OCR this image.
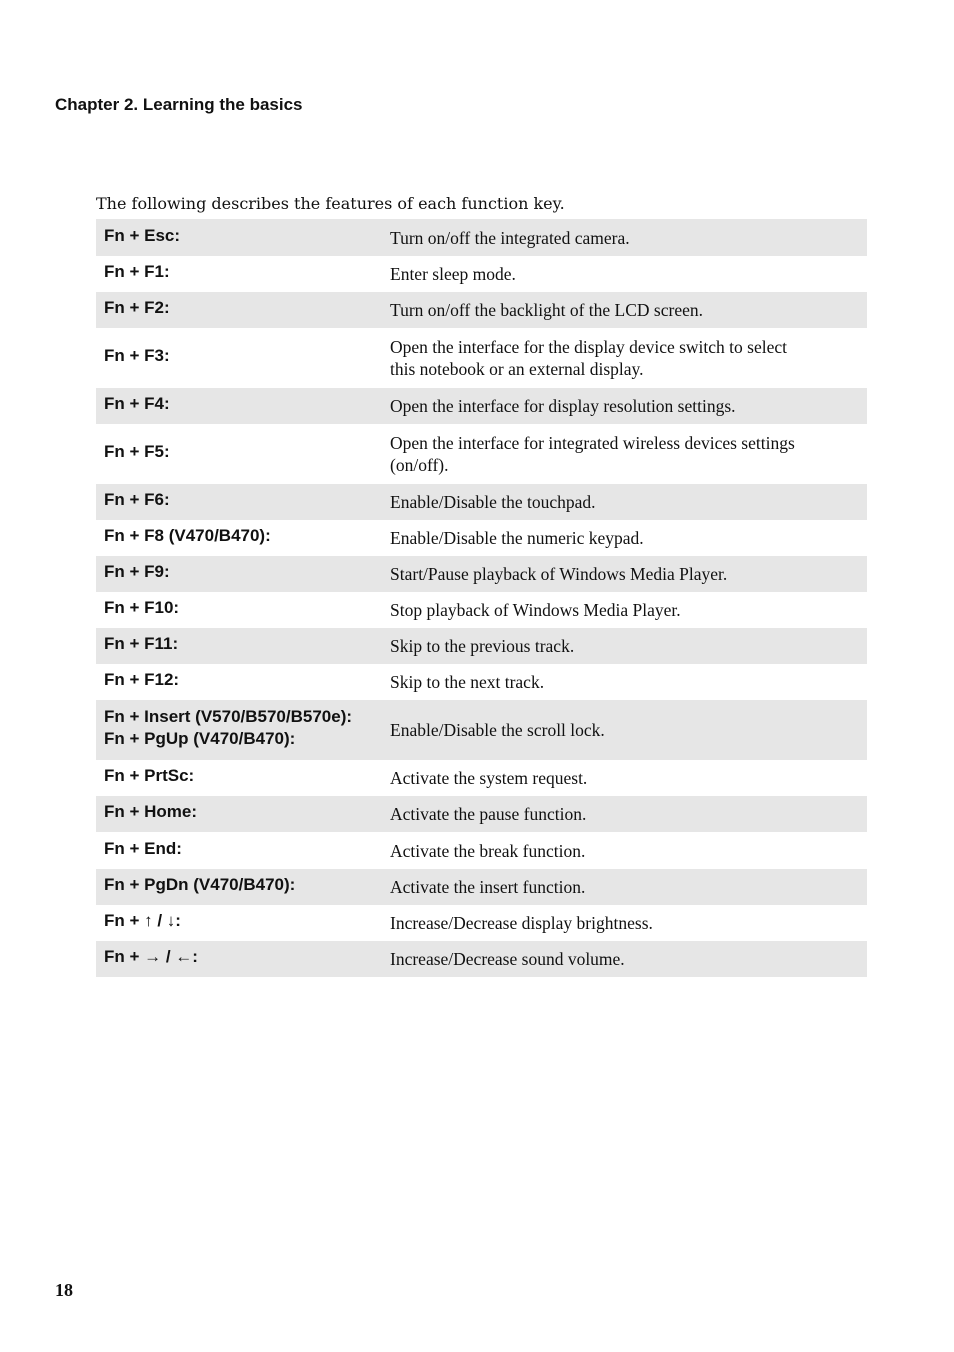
Chapter 2. Learning the basics

The following describes the features of each function key.

Fn + Esc:	Turn on/off the integrated camera.
Fn + F1:	Enter sleep mode.
Fn + F2:	Turn on/off the backlight of the LCD screen.
Fn + F3:	Open the interface for the display device switch to select
this notebook or an external display.

Fn + F4:	Open the interface for display resolution settings.
Fn + F5:	Open the interface for integrated wireless devices settings
(on/off).

Fn + F6:	Enable/Disable the touchpad.
Fn + F8 (V470/B470):	Enable/Disable the numeric keypad.
Fn + F9:	Start/Pause playback of Windows Media Player.
Fn + F10:	Stop playback of Windows Media Player.
Fn + F11:	Skip to the previous track.
Fn + F12:	Skip to the next track.

Fn + Insert (V570/B570/B570e):
Fn + PgUp (V470/B470):	Enable/Disable the scroll lock.
Fn + PrtSc:	Activate the system request.
Fn + Home:	Activate the pause function.
Fn + End:	Activate the break function.
Fn + PgDn (V470/B470):	Activate the insert function.
Fn + ↑ / ↓:	Increase/Decrease display brightness.
Fn + → / ←:	Increase/Decrease sound volume.

18
